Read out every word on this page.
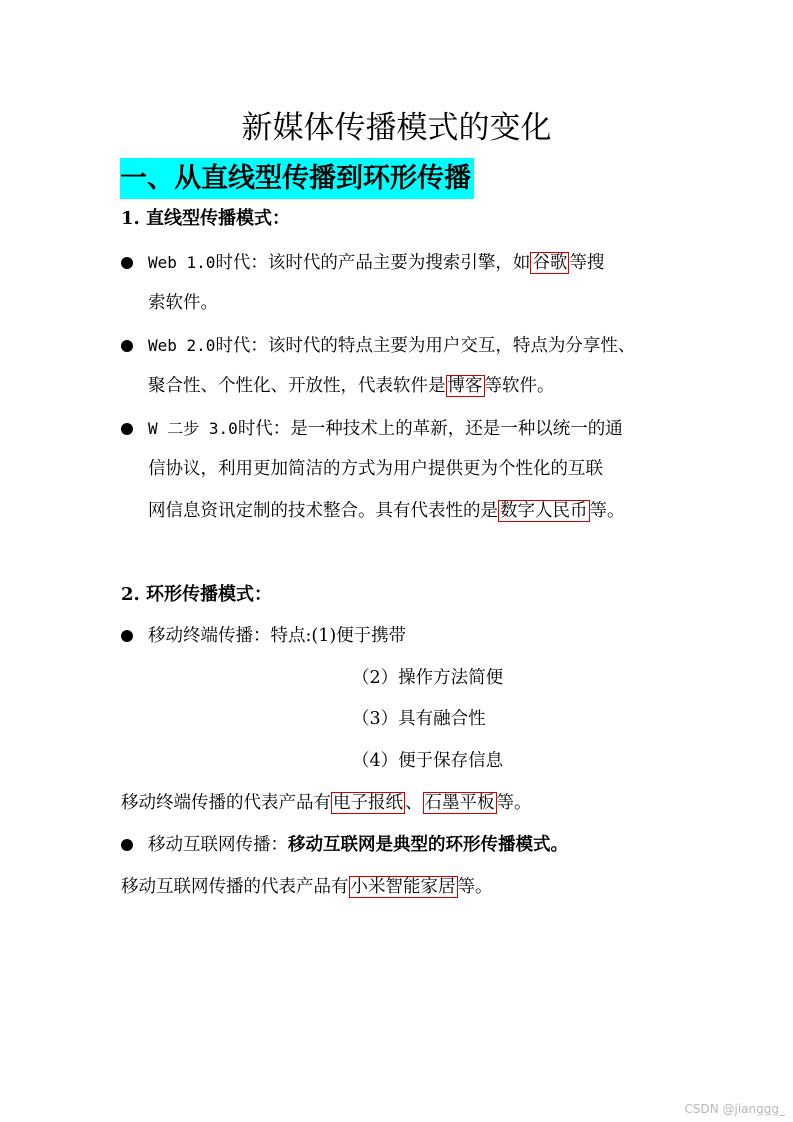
新媒体传播模式的变化
一、从直线型传播到环形传播
1. 直线型传播模式：
Web 1.0时代：该时代的产品主要为搜索引擎，如 谷歌 等搜
索软件。
Web 2.0时代：该时代的特点主要为用户交互，特点为分享性、
聚合性、个性化、开放性，代表软件是 博客 等软件。
W 二步 3.0时代：是一种技术上的革新，还是一种以统一的通
信协议，利用更加简洁的方式为用户提供更为个性化的互联
网信息资讯定制的技术整合。具有代表性的是 数字人民币 等。
2. 环形传播模式：
移动终端传播：特点:(1)便于携带
（2）操作方法简便
（3）具有融合性
（4）便于保存信息
移动终端传播的代表产品有 电子报纸 、 石墨平板 等。
移动互联网传播：移动互联网是典型的环形传播模式。
移动互联网传播的代表产品有 小米智能家居 等。
CSDN @jianggg_
